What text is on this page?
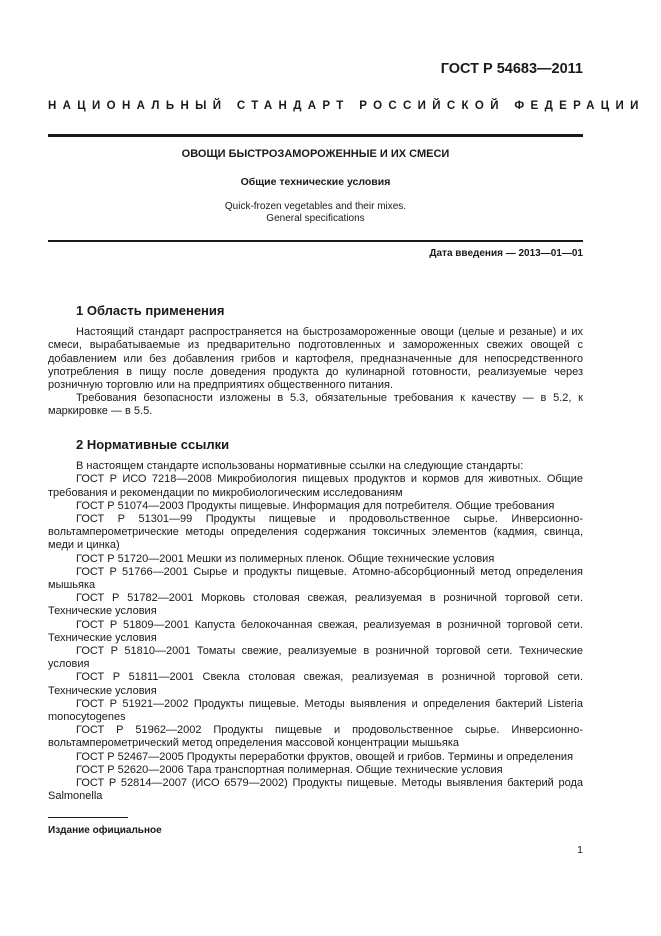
ГОСТ Р 54683—2011
НАЦИОНАЛЬНЫЙ СТАНДАРТ РОССИЙСКОЙ ФЕДЕРАЦИИ
ОВОЩИ БЫСТРОЗАМОРОЖЕННЫЕ И ИХ СМЕСИ
Общие технические условия
Quick-frozen vegetables and their mixes.
General specifications
Дата введения — 2013—01—01
1 Область применения

Настоящий стандарт распространяется на быстрозамороженные овощи (целые и резаные) и их смеси, вырабатываемые из предварительно подготовленных и замороженных свежих овощей с добавлением или без добавления грибов и картофеля, предназначенные для непосредственного употребления в пищу после доведения продукта до кулинарной готовности, реализуемые через розничную торговлю или на предприятиях общественного питания.

Требования безопасности изложены в 5.3, обязательные требования к качеству — в 5.2, к маркировке — в 5.5.

2 Нормативные ссылки

В настоящем стандарте использованы нормативные ссылки на следующие стандарты:

ГОСТ Р ИСО 7218—2008 Микробиология пищевых продуктов и кормов для животных. Общие требования и рекомендации по микробиологическим исследованиям

ГОСТ Р 51074—2003 Продукты пищевые. Информация для потребителя. Общие требования

ГОСТ Р 51301—99 Продукты пищевые и продовольственное сырье. Инверсионно-вольтамперометрические методы определения содержания токсичных элементов (кадмия, свинца, меди и цинка)

ГОСТ Р 51720—2001 Мешки из полимерных пленок. Общие технические условия

ГОСТ Р 51766—2001 Сырье и продукты пищевые. Атомно-абсорбционный метод определения мышьяка

ГОСТ Р 51782—2001 Морковь столовая свежая, реализуемая в розничной торговой сети. Технические условия

ГОСТ Р 51809—2001 Капуста белокочанная свежая, реализуемая в розничной торговой сети. Технические условия

ГОСТ Р 51810—2001 Томаты свежие, реализуемые в розничной торговой сети. Технические условия

ГОСТ Р 51811—2001 Свекла столовая свежая, реализуемая в розничной торговой сети. Технические условия

ГОСТ Р 51921—2002 Продукты пищевые. Методы выявления и определения бактерий Listeria monocytogenes

ГОСТ Р 51962—2002 Продукты пищевые и продовольственное сырье. Инверсионно-вольтамперометрический метод определения массовой концентрации мышьяка

ГОСТ Р 52467—2005 Продукты переработки фруктов, овощей и грибов. Термины и определения

ГОСТ Р 52620—2006 Тара транспортная полимерная. Общие технические условия

ГОСТ Р 52814—2007 (ИСО 6579—2002) Продукты пищевые. Методы выявления бактерий рода Salmonella

Издание официальное
1
